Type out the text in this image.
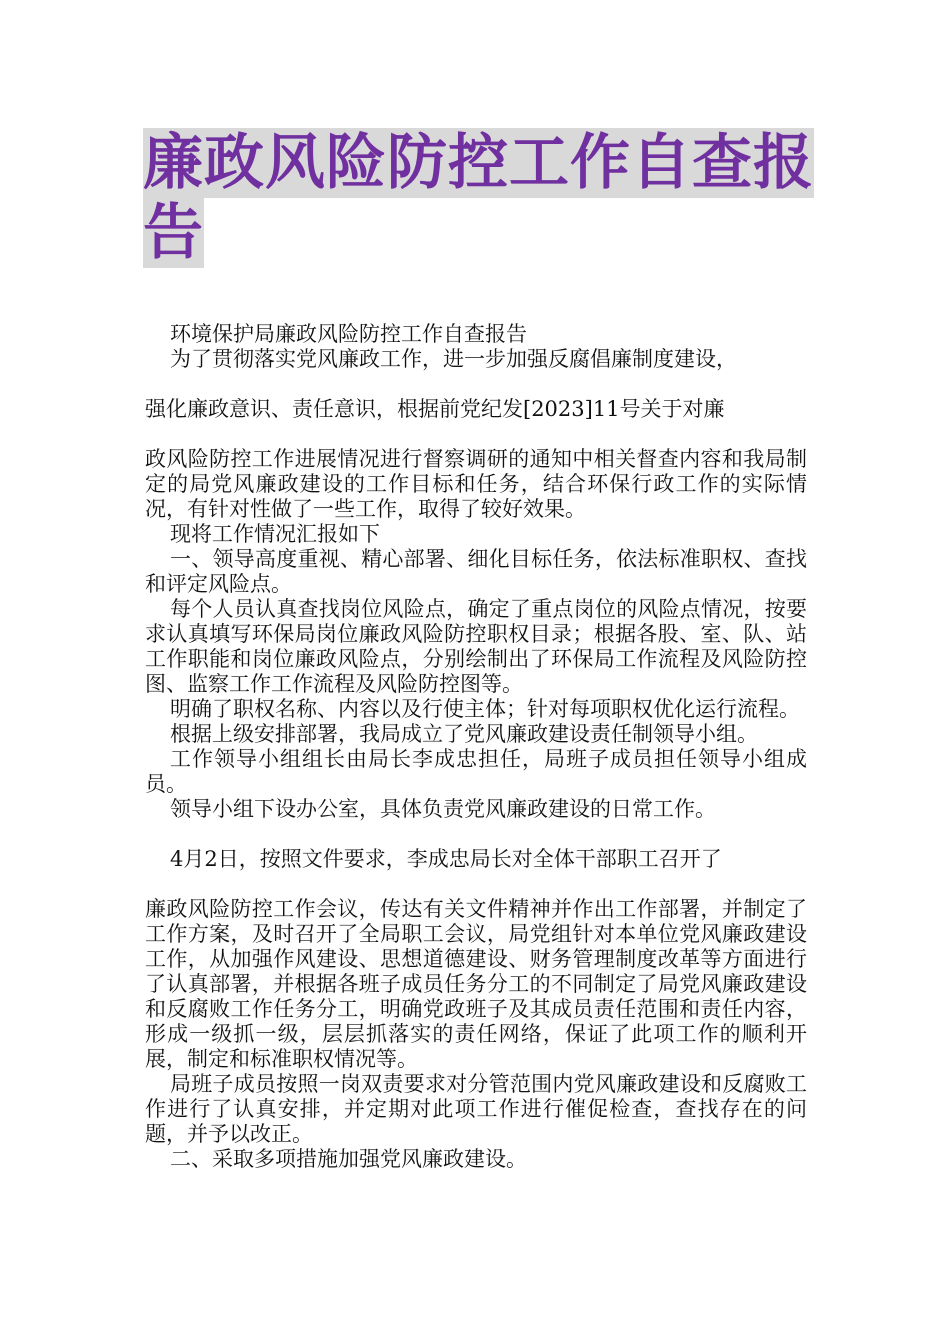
廉政风险防控工作自查报告

环境保护局廉政风险防控工作自查报告

为了贯彻落实党风廉政工作，进一步加强反腐倡廉制度建设，

强化廉政意识、责任意识，根据前党纪发[2023]11号关于对廉

政风险防控工作进展情况进行督察调研的通知中相关督查内容和我局制定的局党风廉政建设的工作目标和任务，结合环保行政工作的实际情况，有针对性做了一些工作，取得了较好效果。

现将工作情况汇报如下

一、领导高度重视、精心部署、细化目标任务，依法标准职权、查找和评定风险点。

每个人员认真查找岗位风险点，确定了重点岗位的风险点情况，按要求认真填写环保局岗位廉政风险防控职权目录；根据各股、室、队、站工作职能和岗位廉政风险点，分别绘制出了环保局工作流程及风险防控图、监察工作工作流程及风险防控图等。

明确了职权名称、内容以及行使主体；针对每项职权优化运行流程。

根据上级安排部署，我局成立了党风廉政建设责任制领导小组。

工作领导小组组长由局长李成忠担任，局班子成员担任领导小组成员。

领导小组下设办公室，具体负责党风廉政建设的日常工作。

4月2日，按照文件要求，李成忠局长对全体干部职工召开了

廉政风险防控工作会议，传达有关文件精神并作出工作部署，并制定了工作方案，及时召开了全局职工会议，局党组针对本单位党风廉政建设工作，从加强作风建设、思想道德建设、财务管理制度改革等方面进行了认真部署，并根据各班子成员任务分工的不同制定了局党风廉政建设和反腐败工作任务分工，明确党政班子及其成员责任范围和责任内容，形成一级抓一级，层层抓落实的责任网络，保证了此项工作的顺利开展，制定和标准职权情况等。

局班子成员按照一岗双责要求对分管范围内党风廉政建设和反腐败工作进行了认真安排，并定期对此项工作进行催促检查，查找存在的问题，并予以改正。

二、采取多项措施加强党风廉政建设。
